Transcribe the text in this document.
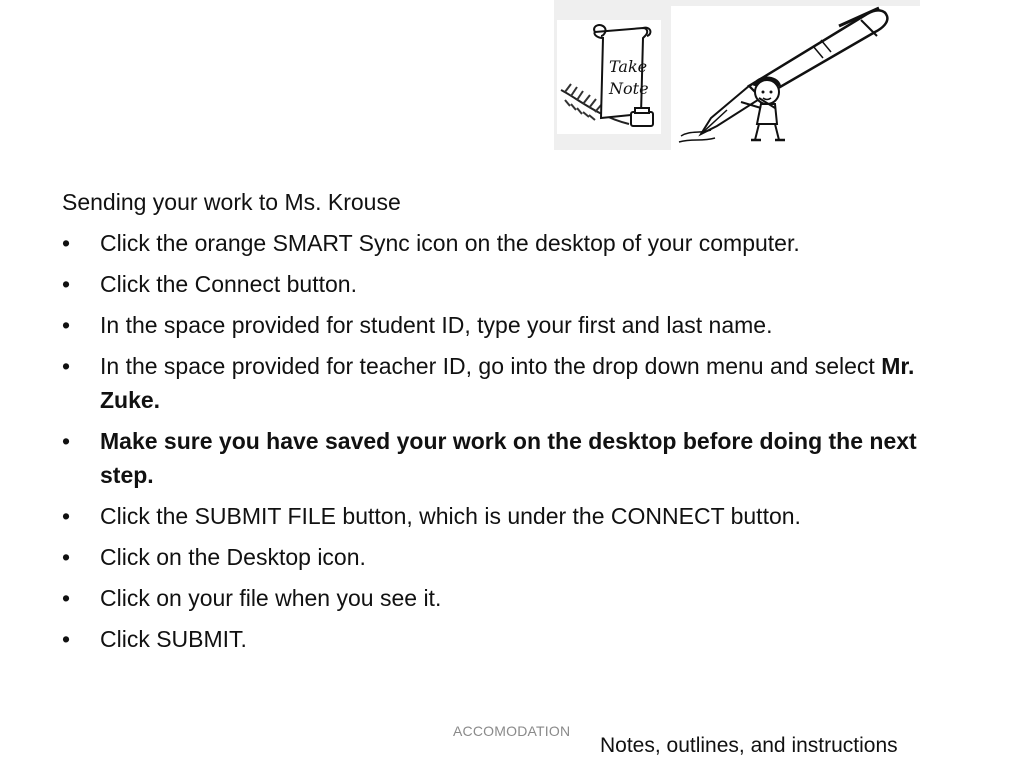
Take
Note
Sending your work to Ms. Krouse
• Click the orange SMART Sync icon on the desktop of your computer.
• Click the Connect button.
• In the space provided for student ID, type your first and last name.
• In the space provided for teacher ID, go into the drop down menu and select Mr. Zuke.
• Make sure you have saved your work on the desktop before doing the next step.
• Click the SUBMIT FILE button, which is under the CONNECT button.
• Click on the Desktop icon.
• Click on your file when you see it.
• Click SUBMIT.
ACCOMODATION
Notes, outlines, and instructions
